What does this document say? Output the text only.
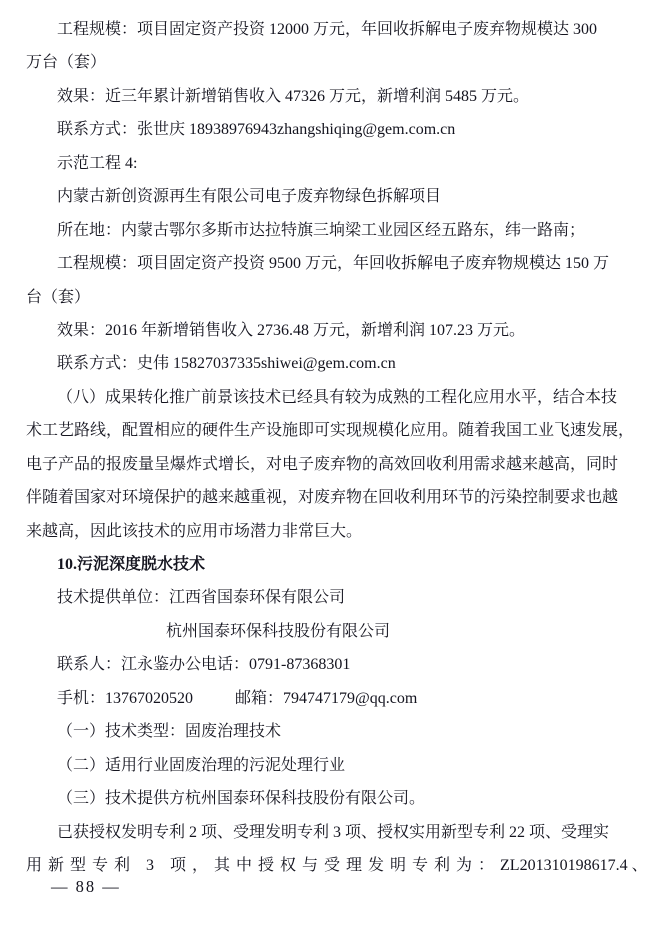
工程规模：项目固定资产投资 12000 万元，年回收拆解电子废弃物规模达 300
万台（套）
效果：近三年累计新增销售收入 47326 万元，新增利润 5485 万元。
联系方式：张世庆 18938976943zhangshiqing@gem.com.cn
示范工程 4:
内蒙古新创资源再生有限公司电子废弃物绿色拆解项目
所在地：内蒙古鄂尔多斯市达拉特旗三垧梁工业园区经五路东，纬一路南；
工程规模：项目固定资产投资 9500 万元，年回收拆解电子废弃物规模达 150 万
台（套）
效果：2016 年新增销售收入 2736.48 万元，新增利润 107.23 万元。
联系方式：史伟 15827037335shiwei@gem.com.cn
（八）成果转化推广前景该技术已经具有较为成熟的工程化应用水平，结合本技
术工艺路线，配置相应的硬件生产设施即可实现规模化应用。随着我国工业飞速发展，
电子产品的报废量呈爆炸式增长，对电子废弃物的高效回收利用需求越来越高，同时
伴随着国家对环境保护的越来越重视，对废弃物在回收利用环节的污染控制要求也越
来越高，因此该技术的应用市场潜力非常巨大。
10.污泥深度脱水技术
技术提供单位：江西省国泰环保有限公司
杭州国泰环保科技股份有限公司
联系人：江永鉴办公电话：0791-87368301
手机：13767020520	邮箱：794747179@qq.com
（一）技术类型：固废治理技术
（二）适用行业固废治理的污泥处理行业
（三）技术提供方杭州国泰环保科技股份有限公司。
已获授权发明专利 2 项、受理发明专利 3 项、授权实用新型专利 22 项、受理实
用新型专利 3 项，其中授权与受理发明专利为：ZL201310198617.4 、
— 88 —
